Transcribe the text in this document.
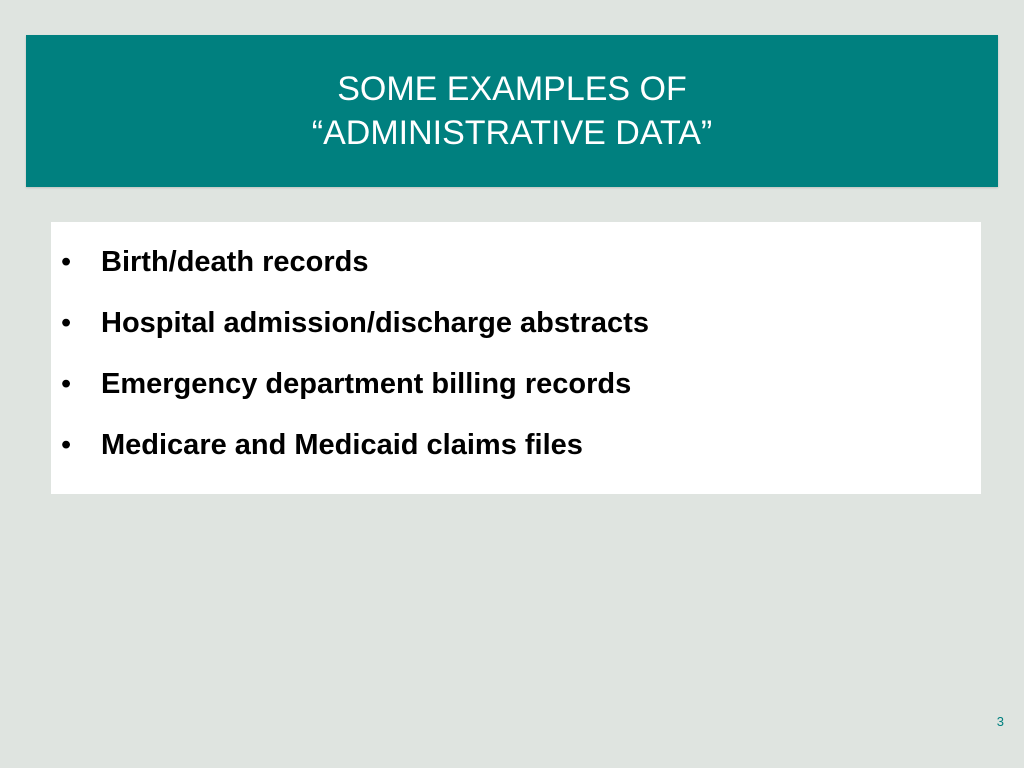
SOME EXAMPLES OF
“ADMINISTRATIVE DATA”
•	Birth/death records
•	Hospital admission/discharge abstracts
•	Emergency department billing records
•	Medicare and Medicaid claims files
3
